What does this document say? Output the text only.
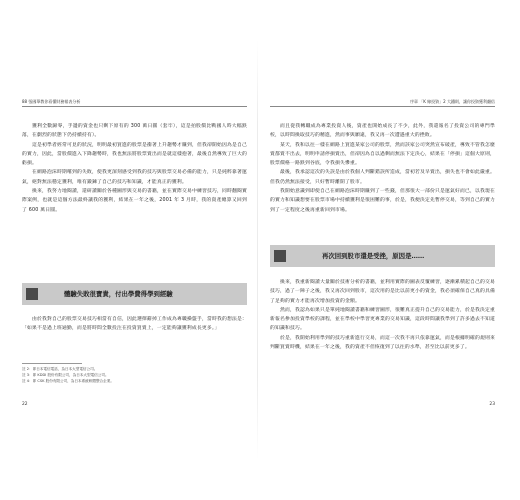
88 張國華教你看懂財務報表分析

獲利全數歸零，手邊的資金也只剩下原有的 300 萬日圓（套牢），這是拍股價比戰國人時大幅跌落，在劇烈的狀態下仍持續持有）。

這是初學者經常可見的狀況，明明最初買進的股票是衝著上升趨勢才賺到，但我卻開始因為是自己的實力，因此，當股價進入下降趨勢時，我也無法將股票賣出而是就這樣抱著，最後自然導致了巨大的虧損。

在網路泡沫時期嚐到的失敗，使我更深刻感受到我的技巧與股票交易必備的能力，只是純粹靠著運氣，絕對無法穩定獲利，唯有鍛鍊了自己的技巧和知識，才能真正的獲利。

換來，我努力地閱讀，還研讀關於各種圖形與交易的書籍，並在實際交易中練習技巧，同時翻閱實際案例，也就是這個方法最終讓我的獲利，結果在一年之後，2001 年 3 月時，我的資產總算又回到了 600 萬日圓。

體驗失敗很寶貴，付出學費得學到經驗

由於我對自己的股票交易技巧相當有自信，因此選擇辭掉工作成為專職操盤手，當時我的想法是：「如果不是過上班通勤，而是將時間全數投注在投資買賣上，一定能夠讓獲利成長更多。」

註 2：即日本電信電話，為日本大型電信公司。
註 3：即 KDDI 股份有限公司，為日本大型電信公司。
註 4：即 CSK 股份有限公司，為日本系統軟體整合企業。
22
序章 「K 線投資」2 大鐵則，讓你投資獲利翻倍

而且從我轉職成為專業投資人後，資產也開始成長了不少，此外，我還報名了投資公司的專門學校，以時間換取技巧的精進，然而事與願違，我又再一次遭遇重大的挫敗。

某天，我和以往一樣在網路上買進某家公司的股票，然而該家公司突然宣布破產，導致不管我怎麼賣都賣不出去，明明申請停損賣出，但卻因為自以過剩而無法下定決心，結果在「停損」這個大原則，股票價格一路跌到谷底，令我損失慘重。

最後，我承認這次的失誤是由於我個人判斷錯誤所造成，當初若及早賣出，損失也不會如此嚴重。但我仍然無法接受，只好暫時離開了股市。

我開始意識到即使自己在網路泡沫時期賺到了一些錢，但那很大一部份只是運氣好而已，以我現在的實力和知識想要在股票市場中持續獲利是很困難的事，於是，我便決定先暫停交易，等到自己的實力到了一定程度之後再重新回到市場。

再次回到股市還是受挫，原因是……

換來，我重新閱讀大量關於技術分析的書籍，並利用實際的圖表反覆練習，逐漸累積起自己的交易技巧，過了一陣子之後，我又再次回到股市，這次用的是比以前更小的資金，我必須確保自己真的具備了足夠的實力才能再次增加投資的金額。

然而，我認為如果只是單純地閱讀書籍和練習圖形，很難真正提升自己的交易能力，於是我決定重新報名參加投資學校的課程，並在學校中學習更專業的交易知識，這段時間讓我學到了許多過去不知道的知識和技巧。

於是，我開始利用學到的技巧重新進行交易，而這一次我不再只依靠運氣，而是根據明確的規則來判斷買賣時機，結果在一年之後，我的資產不但恢復到了以往的水準，甚至比以前更多了。

23
